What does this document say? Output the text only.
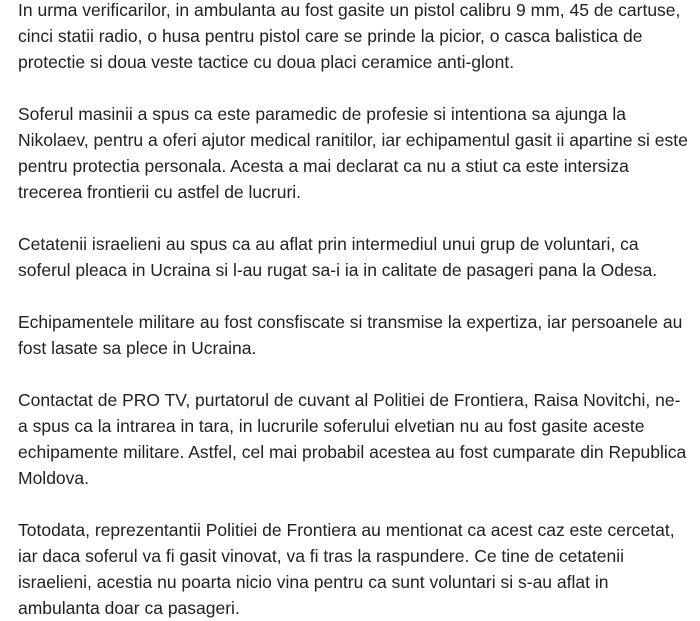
In urma verificarilor, in ambulanta au fost gasite un pistol calibru 9 mm, 45 de cartuse, cinci statii radio, o husa pentru pistol care se prinde la picior, o casca balistica de protectie si doua veste tactice cu doua placi ceramice anti-glont.

Soferul masinii a spus ca este paramedic de profesie si intentiona sa ajunga la Nikolaev, pentru a oferi ajutor medical ranitilor, iar echipamentul gasit ii apartine si este pentru protectia personala. Acesta a mai declarat ca nu a stiut ca este intersiza trecerea frontierii cu astfel de lucruri.

Cetatenii israelieni au spus ca au aflat prin intermediul unui grup de voluntari, ca soferul pleaca in Ucraina si l-au rugat sa-i ia in calitate de pasageri pana la Odesa.

Echipamentele militare au fost consfiscate si transmise la expertiza, iar persoanele au fost lasate sa plece in Ucraina.

Contactat de PRO TV, purtatorul de cuvant al Politiei de Frontiera, Raisa Novitchi, ne-a spus ca la intrarea in tara, in lucrurile soferului elvetian nu au fost gasite aceste echipamente militare. Astfel, cel mai probabil acestea au fost cumparate din Republica Moldova.

Totodata, reprezentantii Politiei de Frontiera au mentionat ca acest caz este cercetat, iar daca soferul va fi gasit vinovat, va fi tras la raspundere. Ce tine de cetatenii israelieni, acestia nu poarta nicio vina pentru ca sunt voluntari si s-au aflat in ambulanta doar ca pasageri.
